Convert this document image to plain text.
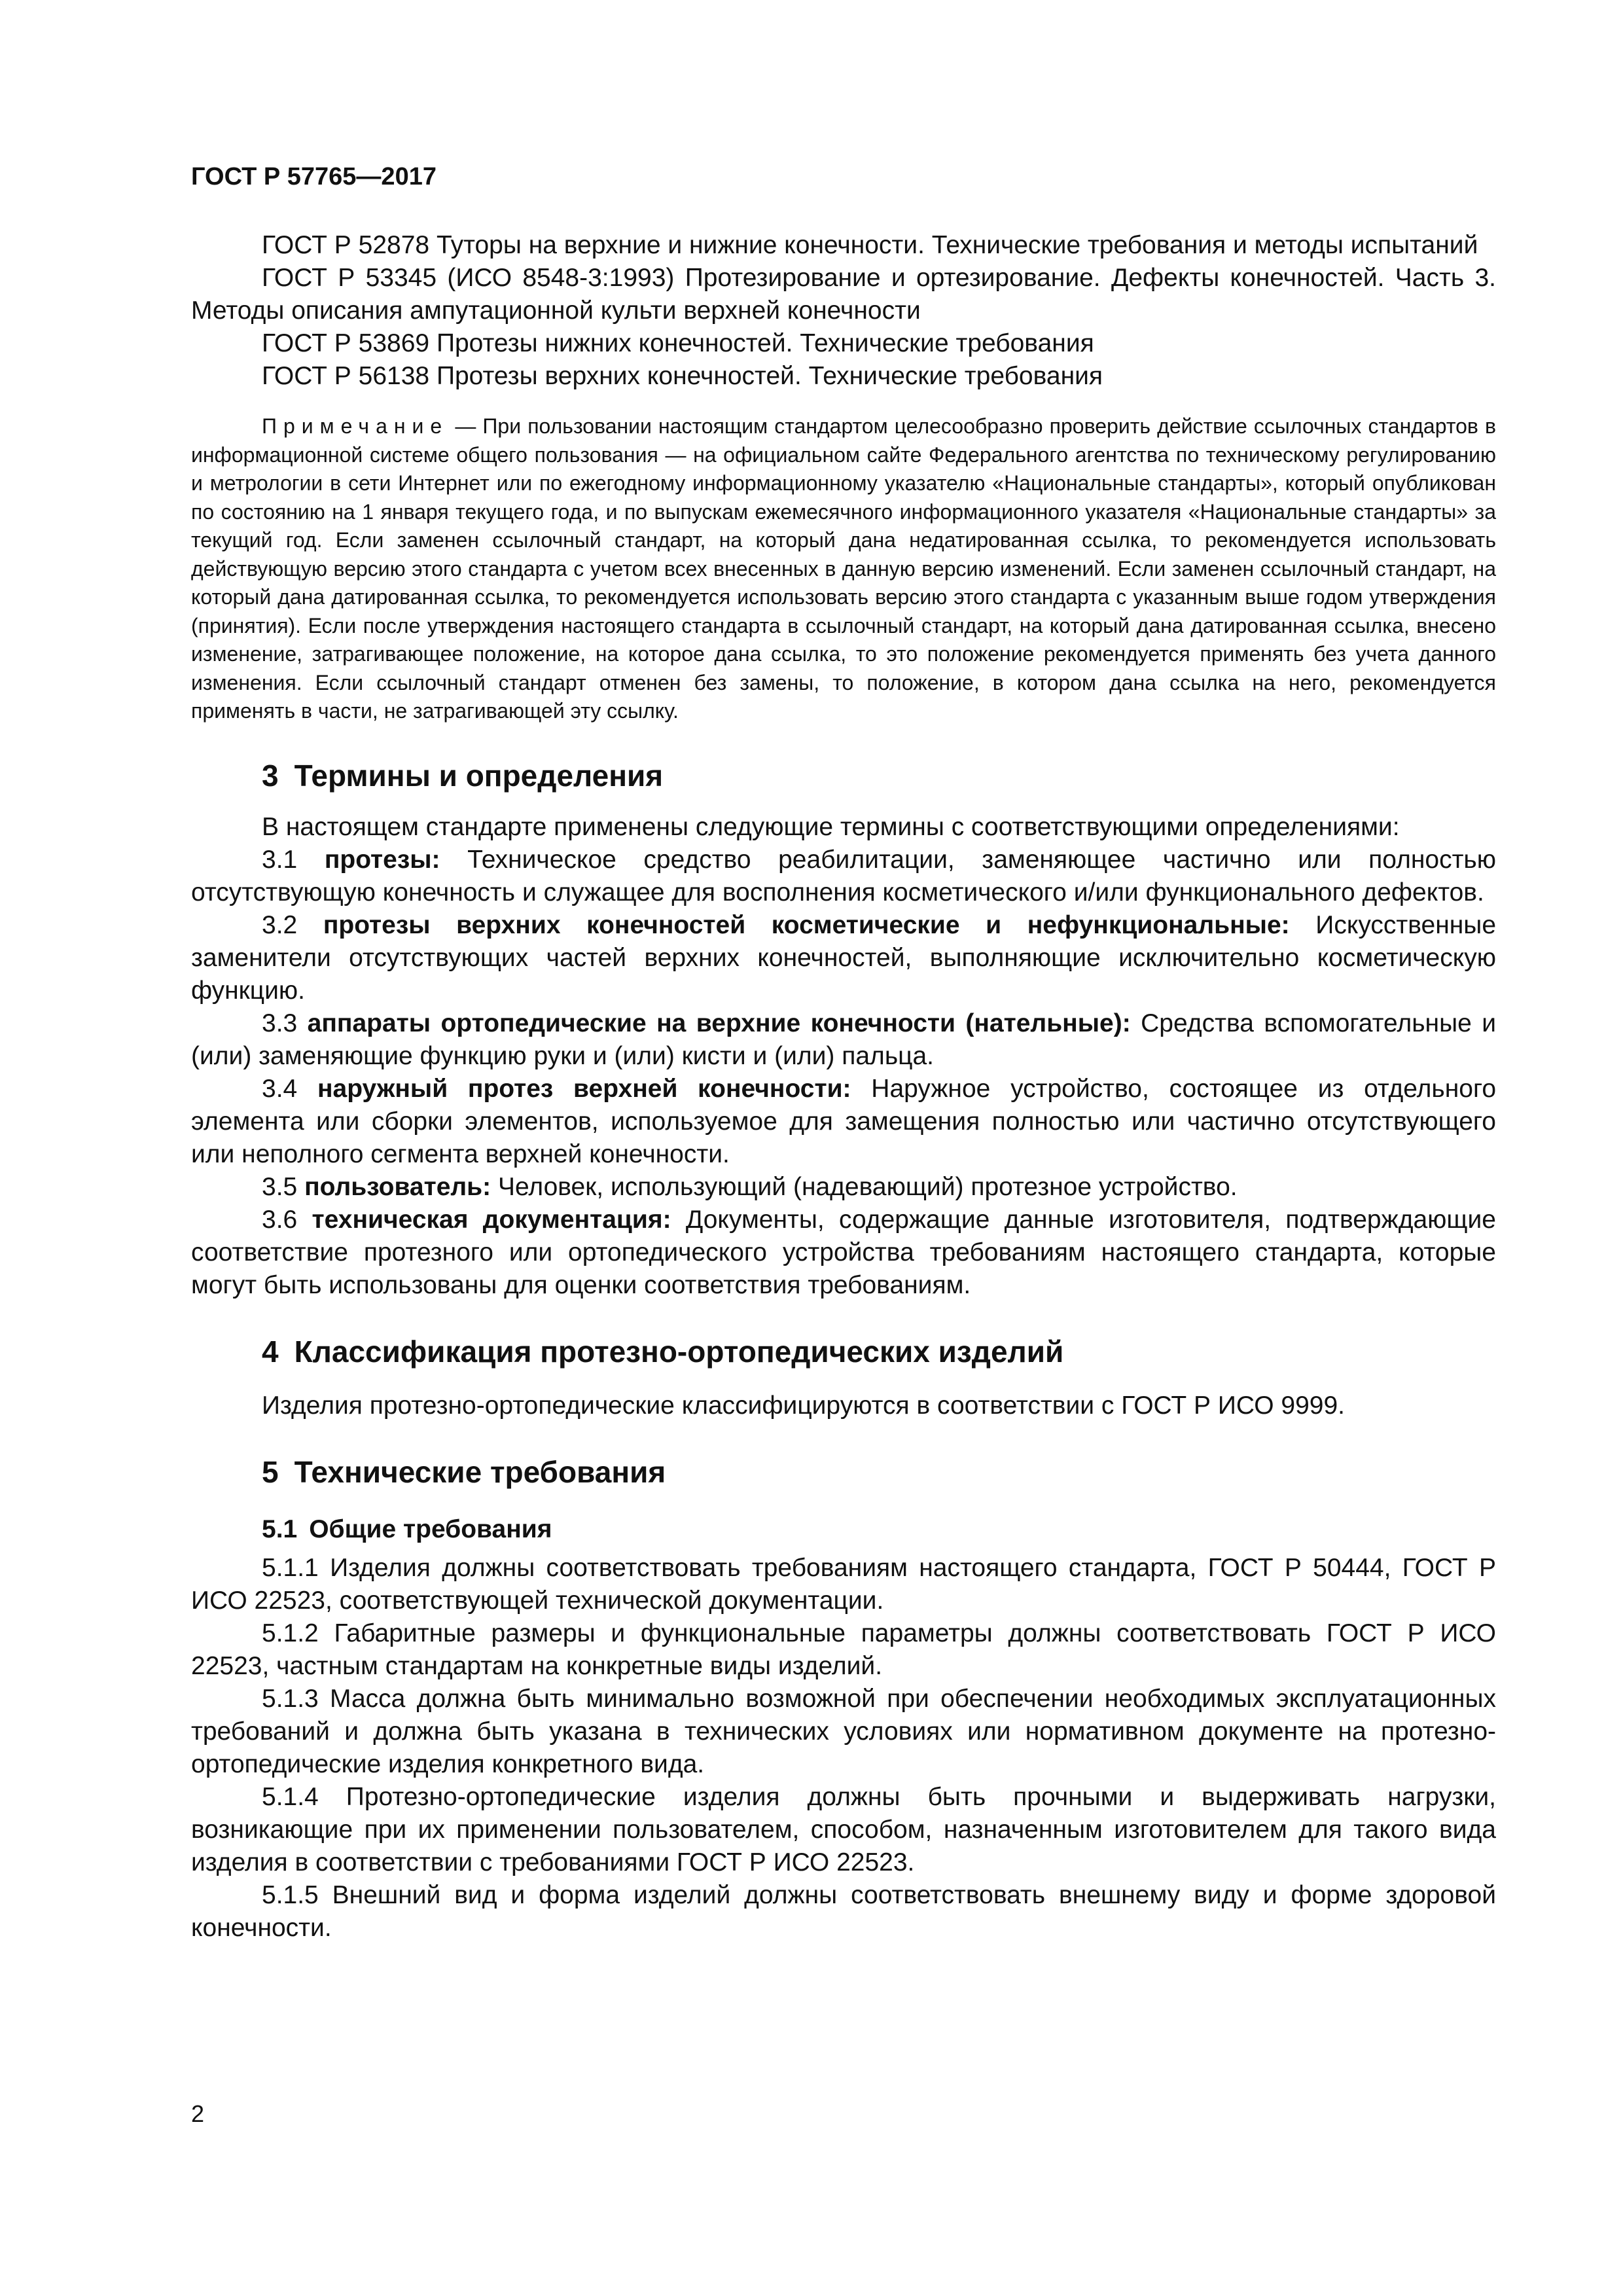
ГОСТ Р 57765—2017

ГОСТ Р 52878 Туторы на верхние и нижние конечности. Технические требования и методы испытаний

ГОСТ Р 53345 (ИСО 8548-3:1993) Протезирование и ортезирование. Дефекты конечностей. Часть 3. Методы описания ампутационной культи верхней конечности

ГОСТ Р 53869 Протезы нижних конечностей. Технические требования

ГОСТ Р 56138 Протезы верхних конечностей. Технические требования

Примечание — При пользовании настоящим стандартом целесообразно проверить действие ссылочных стандартов в информационной системе общего пользования — на официальном сайте Федерального агентства по техническому регулированию и метрологии в сети Интернет или по ежегодному информационному указателю «Национальные стандарты», который опубликован по состоянию на 1 января текущего года, и по выпускам ежемесячного информационного указателя «Национальные стандарты» за текущий год. Если заменен ссылочный стандарт, на который дана недатированная ссылка, то рекомендуется использовать действующую версию этого стандарта с учетом всех внесенных в данную версию изменений. Если заменен ссылочный стандарт, на который дана датированная ссылка, то рекомендуется использовать версию этого стандарта с указанным выше годом утверждения (принятия). Если после утверждения настоящего стандарта в ссылочный стандарт, на который дана датированная ссылка, внесено изменение, затрагивающее положение, на которое дана ссылка, то это положение рекомендуется применять без учета данного изменения. Если ссылочный стандарт отменен без замены, то положение, в котором дана ссылка на него, рекомендуется применять в части, не затрагивающей эту ссылку.

3 Термины и определения

В настоящем стандарте применены следующие термины с соответствующими определениями:

3.1 протезы: Техническое средство реабилитации, заменяющее частично или полностью отсутствующую конечность и служащее для восполнения косметического и/или функционального дефектов.

3.2 протезы верхних конечностей косметические и нефункциональные: Искусственные заменители отсутствующих частей верхних конечностей, выполняющие исключительно косметическую функцию.

3.3 аппараты ортопедические на верхние конечности (нательные): Средства вспомогательные и (или) заменяющие функцию руки и (или) кисти и (или) пальца.

3.4 наружный протез верхней конечности: Наружное устройство, состоящее из отдельного элемента или сборки элементов, используемое для замещения полностью или частично отсутствующего или неполного сегмента верхней конечности.

3.5 пользователь: Человек, использующий (надевающий) протезное устройство.

3.6 техническая документация: Документы, содержащие данные изготовителя, подтверждающие соответствие протезного или ортопедического устройства требованиям настоящего стандарта, которые могут быть использованы для оценки соответствия требованиям.

4 Классификация протезно-ортопедических изделий

Изделия протезно-ортопедические классифицируются в соответствии с ГОСТ Р ИСО 9999.

5 Технические требования
5.1 Общие требования

5.1.1 Изделия должны соответствовать требованиям настоящего стандарта, ГОСТ Р 50444, ГОСТ Р ИСО 22523, соответствующей технической документации.

5.1.2 Габаритные размеры и функциональные параметры должны соответствовать ГОСТ Р ИСО 22523, частным стандартам на конкретные виды изделий.

5.1.3 Масса должна быть минимально возможной при обеспечении необходимых эксплуатационных требований и должна быть указана в технических условиях или нормативном документе на протезно-ортопедические изделия конкретного вида.

5.1.4 Протезно-ортопедические изделия должны быть прочными и выдерживать нагрузки, возникающие при их применении пользователем, способом, назначенным изготовителем для такого вида изделия в соответствии с требованиями ГОСТ Р ИСО 22523.

5.1.5 Внешний вид и форма изделий должны соответствовать внешнему виду и форме здоровой конечности.

2
